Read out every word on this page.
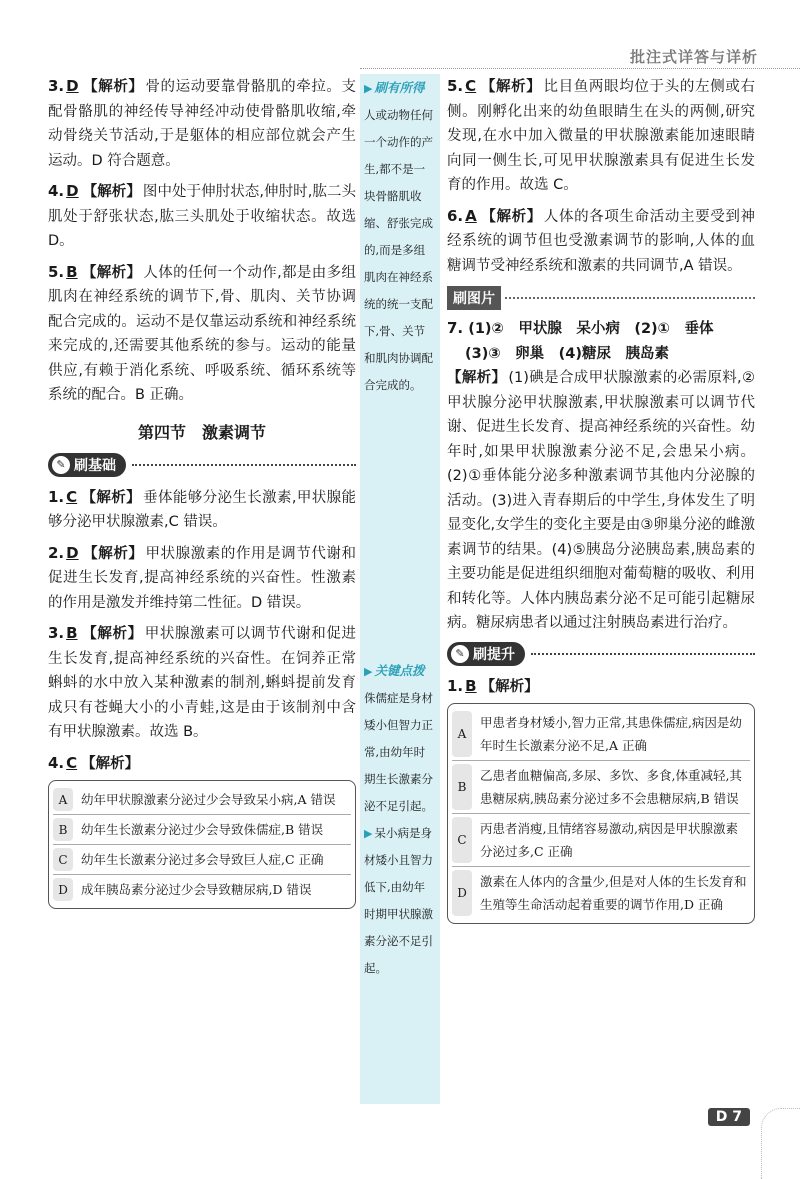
批注式详答与详析
3. D 【解析】 骨的运动要靠骨骼肌的牵拉。支配骨骼肌的神经传导神经冲动使骨骼肌收缩,牵动骨绕关节活动,于是躯体的相应部位就会产生运动。D 符合题意。
4. D 【解析】 图中处于伸肘状态,伸肘时,肱二头肌处于舒张状态,肱三头肌处于收缩状态。故选 D。
5. B 【解析】 人体的任何一个动作,都是由多组肌肉在神经系统的调节下,骨、肌肉、关节协调配合完成的。运动不是仅靠运动系统和神经系统来完成的,还需要其他系统的参与。运动的能量供应,有赖于消化系统、呼吸系统、循环系统等系统的配合。B 正确。
第四节　激素调节
✎ 刷基础
1. C 【解析】 垂体能够分泌生长激素,甲状腺能够分泌甲状腺激素,C 错误。
2. D 【解析】 甲状腺激素的作用是调节代谢和促进生长发育,提高神经系统的兴奋性。性激素的作用是激发并维持第二性征。D 错误。
3. B 【解析】 甲状腺激素可以调节代谢和促进生长发育,提高神经系统的兴奋性。在饲养正常蝌蚪的水中放入某种激素的制剂,蝌蚪提前发育成只有苍蝇大小的小青蛙,这是由于该制剂中含有甲状腺激素。故选 B。
4. C 【解析】
A	幼年甲状腺激素分泌过少会导致呆小病,A 错误
B	幼年生长激素分泌过少会导致侏儒症,B 错误
C	幼年生长激素分泌过多会导致巨人症,C 正确
D	成年胰岛素分泌过少会导致糖尿病,D 错误
▶ 刷有所得
人或动物任何一个动作的产生,都不是一块骨骼肌收缩、舒张完成的,而是多组肌肉在神经系统的统一支配下,骨、关节和肌肉协调配合完成的。
▶ 关键点拨
侏儒症是身材矮小但智力正常,由幼年时期生长激素分泌不足引起。
▶ 呆小病是身材矮小且智力低下,由幼年时期甲状腺激素分泌不足引起。
5. C 【解析】 比目鱼两眼均位于头的左侧或右侧。刚孵化出来的幼鱼眼睛生在头的两侧,研究发现,在水中加入微量的甲状腺激素能加速眼睛向同一侧生长,可见甲状腺激素具有促进生长发育的作用。故选 C。
6. A 【解析】 人体的各项生命活动主要受到神经系统的调节但也受激素调节的影响,人体的血糖调节受神经系统和激素的共同调节,A 错误。
刷图片
7. (1)②　甲状腺　呆小病　(2)①　垂体
(3)③　卵巢　(4)糖尿　胰岛素
【解析】 (1)碘是合成甲状腺激素的必需原料,②甲状腺分泌甲状腺激素,甲状腺激素可以调节代谢、促进生长发育、提高神经系统的兴奋性。幼年时,如果甲状腺激素分泌不足,会患呆小病。(2)①垂体能分泌多种激素调节其他内分泌腺的活动。(3)进入青春期后的中学生,身体发生了明显变化,女学生的变化主要是由③卵巢分泌的雌激素调节的结果。(4)⑤胰岛分泌胰岛素,胰岛素的主要功能是促进组织细胞对葡萄糖的吸收、利用和转化等。人体内胰岛素分泌不足可能引起糖尿病。糖尿病患者以通过注射胰岛素进行治疗。
✎ 刷提升
1. B 【解析】
A
甲患者身材矮小,智力正常,其患侏儒症,病因是幼年时生长激素分泌不足,A 正确
B
乙患者血糖偏高,多尿、多饮、多食,体重减轻,其患糖尿病,胰岛素分泌过多不会患糖尿病,B 错误
C
丙患者消瘦,且情绪容易激动,病因是甲状腺激素分泌过多,C 正确
D
激素在人体内的含量少,但是对人体的生长发育和生殖等生命活动起着重要的调节作用,D 正确
D 7
